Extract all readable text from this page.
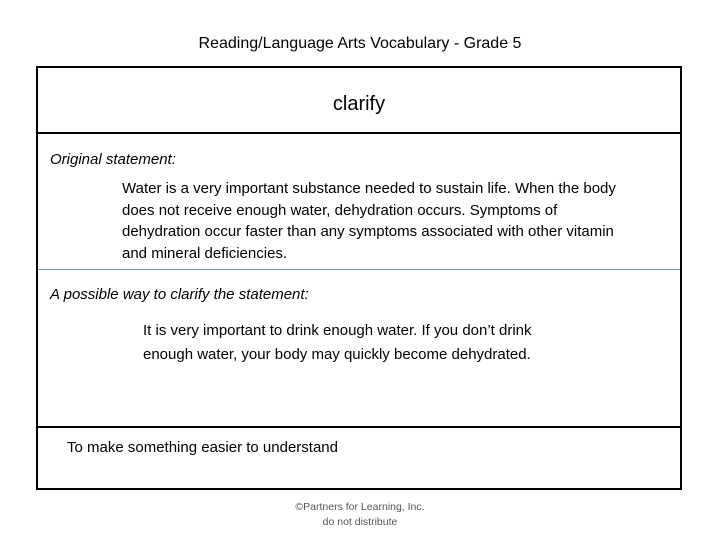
Reading/Language Arts Vocabulary - Grade 5
clarify
Original statement:
Water is a very important substance needed to sustain life. When the body does not receive enough water, dehydration occurs. Symptoms of dehydration occur faster than any symptoms associated with other vitamin and mineral deficiencies.
A possible way to clarify the statement:
It is very important to drink enough water. If you don’t drink enough water, your body may quickly become dehydrated.
To make something easier to understand
©Partners for Learning, Inc.
do not distribute
